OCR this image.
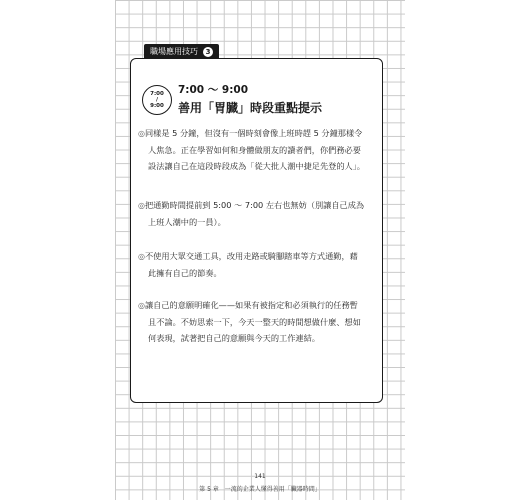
職場應用技巧	3
7:00
/
9:00
7:00 ～ 9:00
善用「胃臓」時段重點提示
◎同樣是 5 分鐘，但沒有一個時刻會像上班時趕 5 分鐘那樣令
人焦急。正在學習如何和身體做朋友的讀者們，你們務必要
設法讓自己在這段時段成為「從大批人潮中捷足先登的人」。
◎把通勤時間提前到 5:00 ～ 7:00 左右也無妨（別讓自己成為
上班人潮中的一員）。
◎不使用大眾交通工具，改用走路或騎腳踏車等方式通勤，藉
此擁有自己的節奏。
◎讓自己的意願明確化——如果有被指定和必須執行的任務暫
且不論。不妨思索一下，今天一整天的時間想做什麼、想如
何表現，試著把自己的意願與今天的工作連結。
141
第 5 章　一流的企業人懂得善用「臟器時間」
